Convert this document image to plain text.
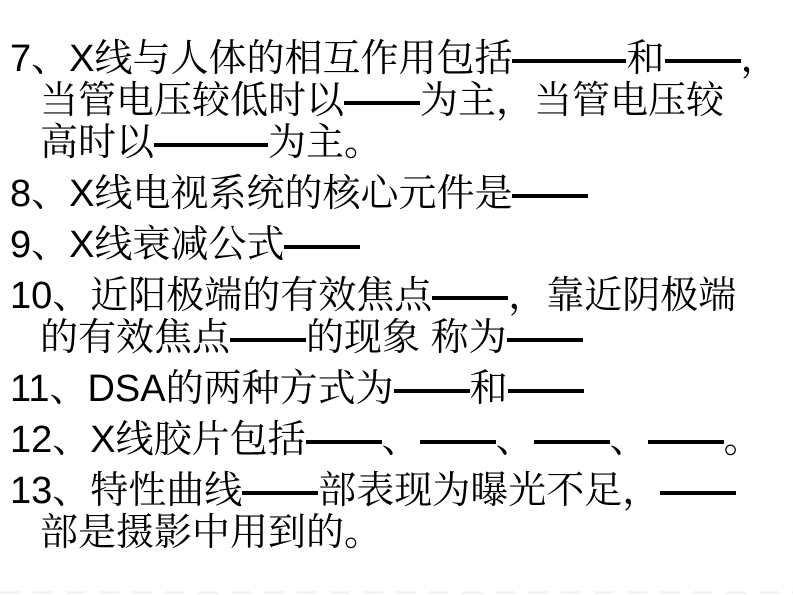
7、X线与人体的相互作用包括	和 ，
当管电压较低时以 为主，当管电压较
高时以	为主。
8、X线电视系统的核心元件是
9、X线衰减公式
10、近阳极端的有效焦点 ，靠近阴极端
的有效焦点 的现象 称为
11、DSA的两种方式为 和
12、X线胶片包括 、 、 、 。
13、特性曲线 部表现为曝光不足，
部是摄影中用到的。
